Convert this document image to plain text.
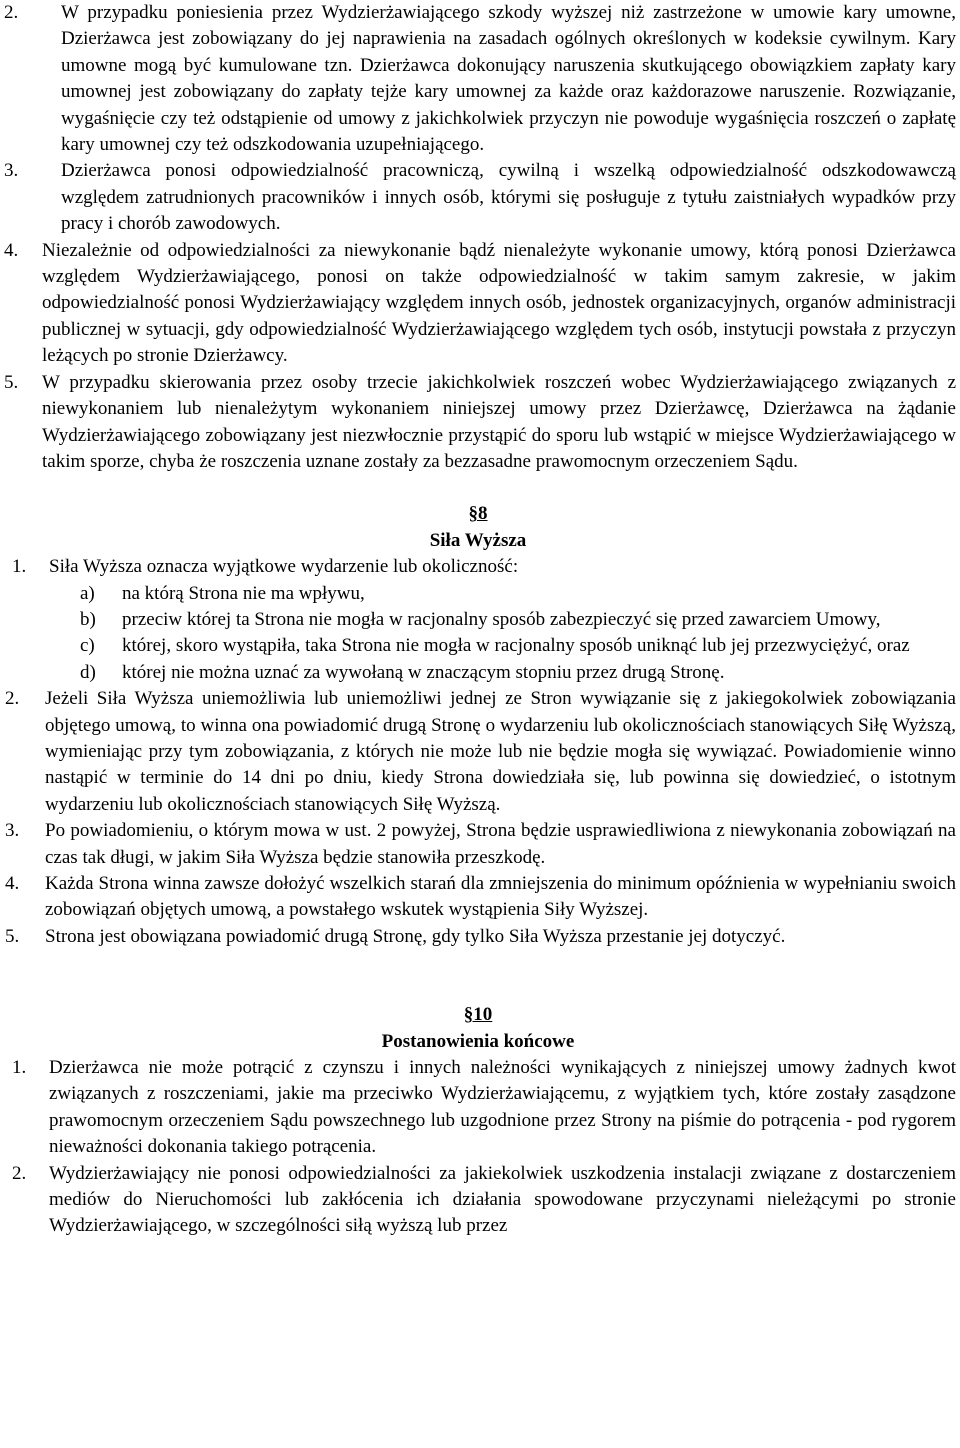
2. W przypadku poniesienia przez Wydzierżawiającego szkody wyższej niż zastrzeżone w umowie kary umowne, Dzierżawca jest zobowiązany do jej naprawienia na zasadach ogólnych określonych w kodeksie cywilnym. Kary umowne mogą być kumulowane tzn. Dzierżawca dokonujący naruszenia skutkującego obowiązkiem zapłaty kary umownej jest zobowiązany do zapłaty tejże kary umownej za każde oraz każdorazowe naruszenie. Rozwiązanie, wygaśnięcie czy też odstąpienie od umowy z jakichkolwiek przyczyn nie powoduje wygaśnięcia roszczeń o zapłatę kary umownej czy też odszkodowania uzupełniającego.
3. Dzierżawca ponosi odpowiedzialność pracowniczą, cywilną i wszelką odpowiedzialność odszkodowawczą względem zatrudnionych pracowników i innych osób, którymi się posługuje z tytułu zaistniałych wypadków przy pracy i chorób zawodowych.
4. Niezależnie od odpowiedzialności za niewykonanie bądź nienależyte wykonanie umowy, którą ponosi Dzierżawca względem Wydzierżawiającego, ponosi on także odpowiedzialność w takim samym zakresie, w jakim odpowiedzialność ponosi Wydzierżawiający względem innych osób, jednostek organizacyjnych, organów administracji publicznej w sytuacji, gdy odpowiedzialność Wydzierżawiającego względem tych osób, instytucji powstała z przyczyn leżących po stronie Dzierżawcy.
5. W przypadku skierowania przez osoby trzecie jakichkolwiek roszczeń wobec Wydzierżawiającego związanych z niewykonaniem lub nienależytym wykonaniem niniejszej umowy przez Dzierżawcę, Dzierżawca na żądanie Wydzierżawiającego zobowiązany jest niezwłocznie przystąpić do sporu lub wstąpić w miejsce Wydzierżawiającego w takim sporze, chyba że roszczenia uznane zostały za bezzasadne prawomocnym orzeczeniem Sądu.
§8
Siła Wyższa
1. Siła Wyższa oznacza wyjątkowe wydarzenie lub okoliczność:
a) na którą Strona nie ma wpływu,
b) przeciw której ta Strona nie mogła w racjonalny sposób zabezpieczyć się przed zawarciem Umowy,
c) której, skoro wystąpiła, taka Strona nie mogła w racjonalny sposób uniknąć lub jej przezwyciężyć, oraz
d) której nie można uznać za wywołaną w znaczącym stopniu przez drugą Stronę.
2. Jeżeli Siła Wyższa uniemożliwia lub uniemożliwi jednej ze Stron wywiązanie się z jakiegokolwiek zobowiązania objętego umową, to winna ona powiadomić drugą Stronę o wydarzeniu lub okolicznościach stanowiących Siłę Wyższą, wymieniając przy tym zobowiązania, z których nie może lub nie będzie mogła się wywiązać. Powiadomienie winno nastąpić w terminie do 14 dni po dniu, kiedy Strona dowiedziała się, lub powinna się dowiedzieć, o istotnym wydarzeniu lub okolicznościach stanowiących Siłę Wyższą.
3. Po powiadomieniu, o którym mowa w ust. 2 powyżej, Strona będzie usprawiedliwiona z niewykonania zobowiązań na czas tak długi, w jakim Siła Wyższa będzie stanowiła przeszkodę.
4. Każda Strona winna zawsze dołożyć wszelkich starań dla zmniejszenia do minimum opóźnienia w wypełnianiu swoich zobowiązań objętych umową, a powstałego wskutek wystąpienia Siły Wyższej.
5. Strona jest obowiązana powiadomić drugą Stronę, gdy tylko Siła Wyższa przestanie jej dotyczyć.
§10
Postanowienia końcowe
1. Dzierżawca nie może potrącić z czynszu i innych należności wynikających z niniejszej umowy żadnych kwot związanych z roszczeniami, jakie ma przeciwko Wydzierżawiającemu, z wyjątkiem tych, które zostały zasądzone prawomocnym orzeczeniem Sądu powszechnego lub uzgodnione przez Strony na piśmie do potrącenia - pod rygorem nieważności dokonania takiego potrącenia.
2. Wydzierżawiający nie ponosi odpowiedzialności za jakiekolwiek uszkodzenia instalacji związane z dostarczeniem mediów do Nieruchomości lub zakłócenia ich działania spowodowane przyczynami nieleżącymi po stronie Wydzierżawiającego, w szczególności siłą wyższą lub przez
